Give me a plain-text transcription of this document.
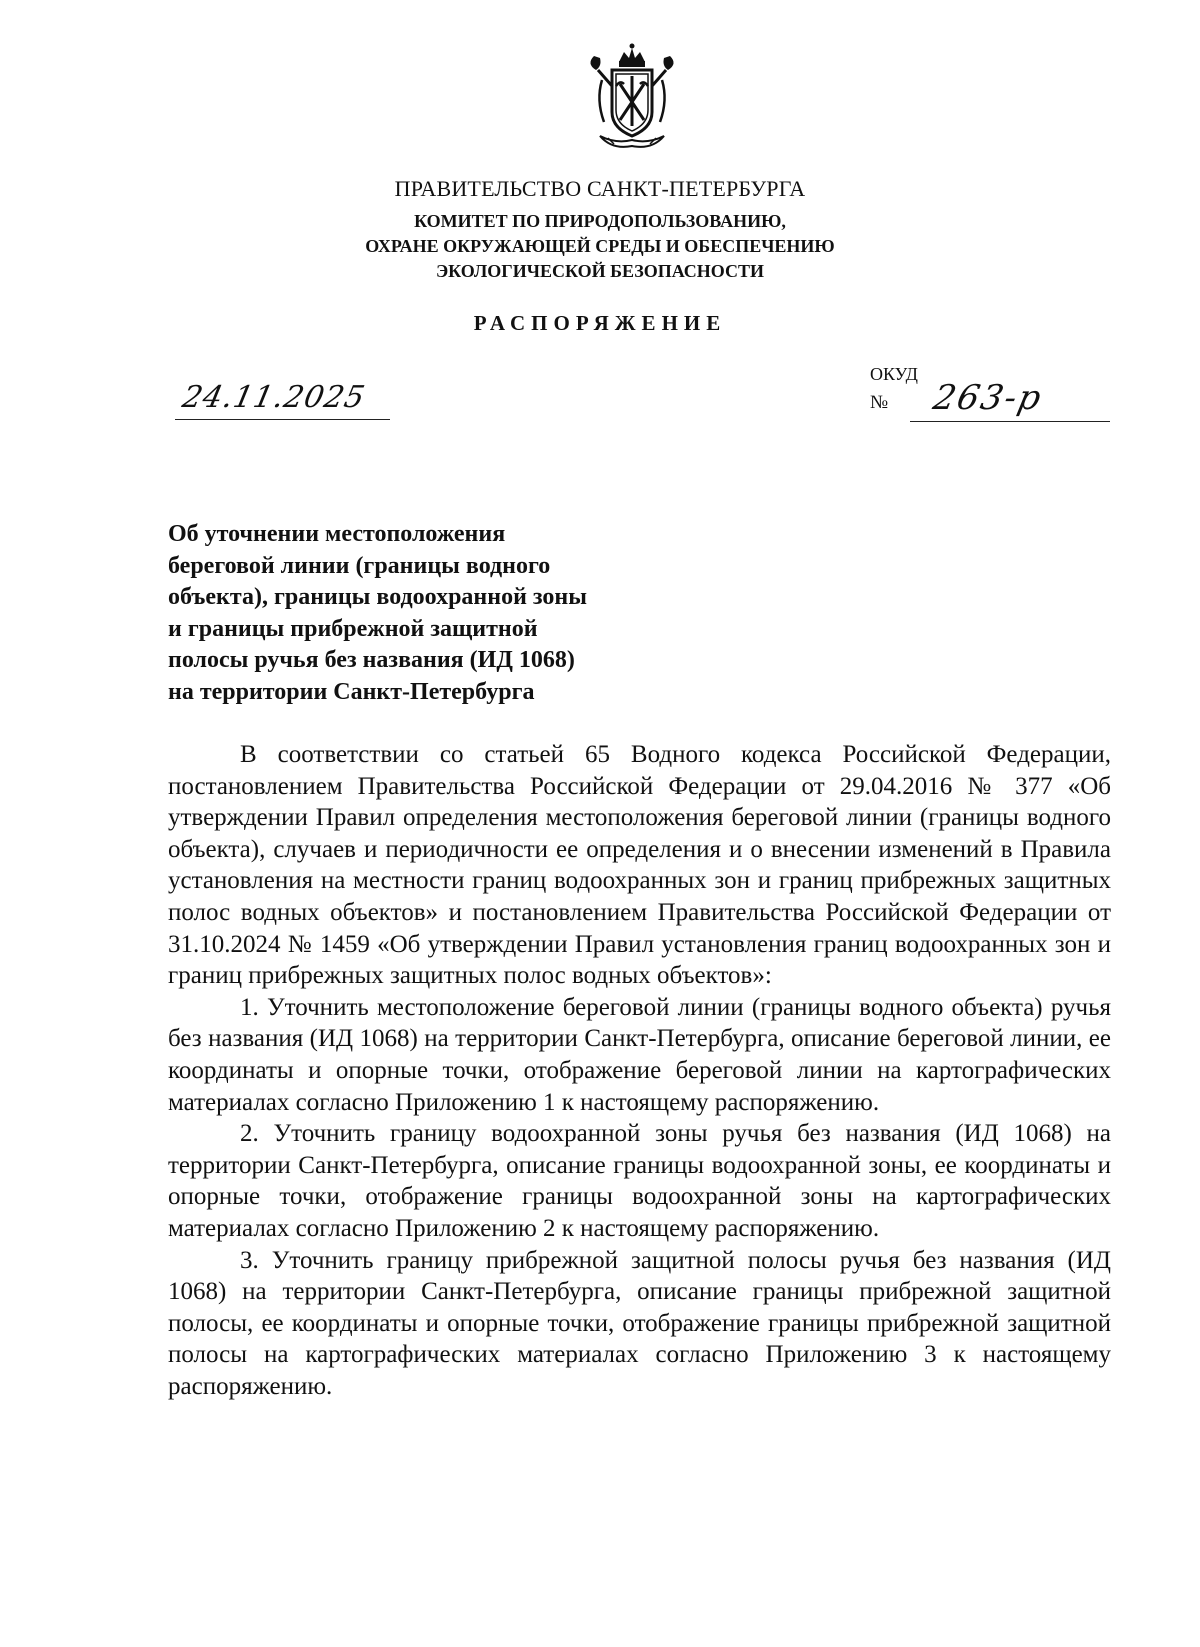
ПРАВИТЕЛЬСТВО САНКТ-ПЕТЕРБУРГА
КОМИТЕТ ПО ПРИРОДОПОЛЬЗОВАНИЮ,
ОХРАНЕ ОКРУЖАЮЩЕЙ СРЕДЫ И ОБЕСПЕЧЕНИЮ
ЭКОЛОГИЧЕСКОЙ БЕЗОПАСНОСТИ
РАСПОРЯЖЕНИЕ
24.11.2025
ОКУД
№ 263-р
Об уточнении местоположения
береговой линии (границы водного
объекта), границы водоохранной зоны
и границы прибрежной защитной
полосы ручья без названия (ИД 1068)
на территории Санкт-Петербурга
В соответствии со статьей 65 Водного кодекса Российской Федерации, постановлением Правительства Российской Федерации от 29.04.2016 № 377 «Об утверждении Правил определения местоположения береговой линии (границы водного объекта), случаев и периодичности ее определения и о внесении изменений в Правила установления на местности границ водоохранных зон и границ прибрежных защитных полос водных объектов» и постановлением Правительства Российской Федерации от 31.10.2024 № 1459 «Об утверждении Правил установления границ водоохранных зон и границ прибрежных защитных полос водных объектов»:
1. Уточнить местоположение береговой линии (границы водного объекта) ручья без названия (ИД 1068) на территории Санкт-Петербурга, описание береговой линии, ее координаты и опорные точки, отображение береговой линии на картографических материалах согласно Приложению 1 к настоящему распоряжению.
2. Уточнить границу водоохранной зоны ручья без названия (ИД 1068) на территории Санкт-Петербурга, описание границы водоохранной зоны, ее координаты и опорные точки, отображение границы водоохранной зоны на картографических материалах согласно Приложению 2 к настоящему распоряжению.
3. Уточнить границу прибрежной защитной полосы ручья без названия (ИД 1068) на территории Санкт-Петербурга, описание границы прибрежной защитной полосы, ее координаты и опорные точки, отображение границы прибрежной защитной полосы на картографических материалах согласно Приложению 3 к настоящему распоряжению.
